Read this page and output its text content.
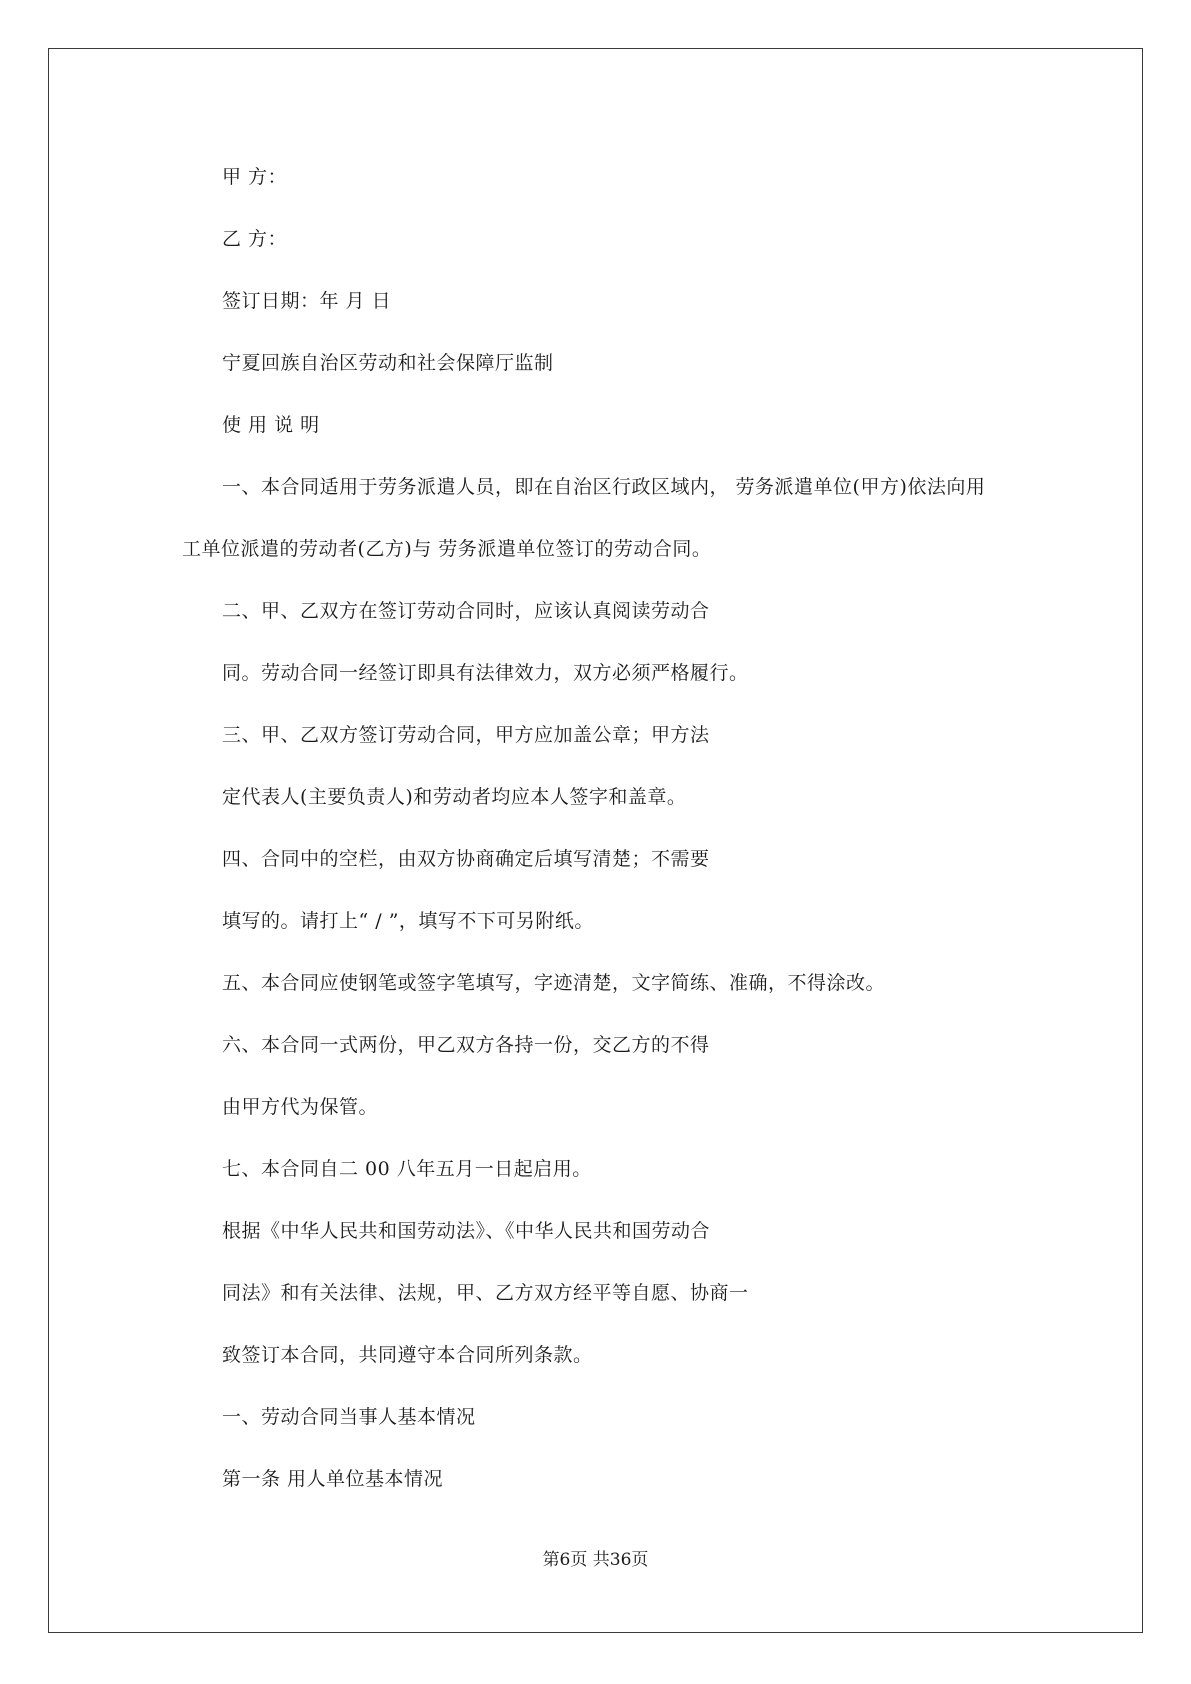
甲 方：

乙 方：

签订日期：年 月 日

宁夏回族自治区劳动和社会保障厅监制

使 用 说 明

一、本合同适用于劳务派遣人员，即在自治区行政区域内， 劳务派遣单位(甲方)依法向用

工单位派遣的劳动者(乙方)与 劳务派遣单位签订的劳动合同。

二、甲、乙双方在签订劳动合同时，应该认真阅读劳动合

同。劳动合同一经签订即具有法律效力，双方必须严格履行。

三、甲、乙双方签订劳动合同，甲方应加盖公章；甲方法

定代表人(主要负责人)和劳动者均应本人签字和盖章。

四、合同中的空栏，由双方协商确定后填写清楚；不需要

填写的。请打上“ / ”，填写不下可另附纸。

五、本合同应使钢笔或签字笔填写，字迹清楚，文字简练、准确，不得涂改。

六、本合同一式两份，甲乙双方各持一份，交乙方的不得

由甲方代为保管。

七、本合同自二 00 八年五月一日起启用。

根据《中华人民共和国劳动法》、《中华人民共和国劳动合

同法》和有关法律、法规，甲、乙方双方经平等自愿、协商一

致签订本合同，共同遵守本合同所列条款。

一、劳动合同当事人基本情况

第一条 用人单位基本情况

第6页 共36页
